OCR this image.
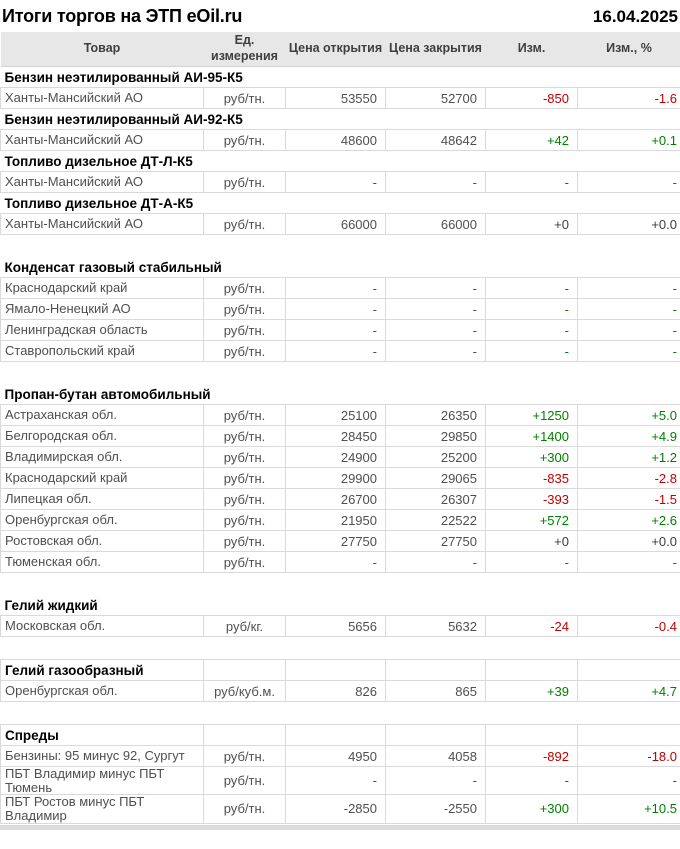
Итоги торгов на ЭТП eOil.ru	16.04.2025
Товар	Ед. измерения	Цена открытия	Цена закрытия	Изм.	Изм., %
Бензин неэтилированный АИ-95-К5					
Ханты-Мансийский АО	руб/тн.	53550	52700	-850	-1.6
Бензин неэтилированный АИ-92-К5					
Ханты-Мансийский АО	руб/тн.	48600	48642	+42	+0.1
Топливо дизельное ДТ-Л-К5					
Ханты-Мансийский АО	руб/тн.	-	-	-	-
Топливо дизельное ДТ-А-К5					
Ханты-Мансийский АО	руб/тн.	66000	66000	+0	+0.0

Конденсат газовый стабильный					
Краснодарский край	руб/тн.	-	-	-	-
Ямало-Ненецкий АО	руб/тн.	-	-	-	-
Ленинградская область	руб/тн.	-	-	-	-
Ставропольский край	руб/тн.	-	-	-	-

Пропан-бутан автомобильный					
Астраханская обл.	руб/тн.	25100	26350	+1250	+5.0
Белгородская обл.	руб/тн.	28450	29850	+1400	+4.9
Владимирская обл.	руб/тн.	24900	25200	+300	+1.2
Краснодарский край	руб/тн.	29900	29065	-835	-2.8
Липецкая обл.	руб/тн.	26700	26307	-393	-1.5
Оренбургская обл.	руб/тн.	21950	22522	+572	+2.6
Ростовская обл.	руб/тн.	27750	27750	+0	+0.0
Тюменская обл.	руб/тн.	-	-	-	-

Гелий жидкий					
Московская обл.	руб/кг.	5656	5632	-24	-0.4

Гелий газообразный					
Оренбургская обл.	руб/куб.м.	826	865	+39	+4.7

Спреды					
Бензины: 95 минус 92, Сургут	руб/тн.	4950	4058	-892	-18.0
ПБТ Владимир минус ПБТ Тюмень	руб/тн.	-	-	-	-
ПБТ Ростов минус ПБТ Владимир	руб/тн.	-2850	-2550	+300	+10.5
